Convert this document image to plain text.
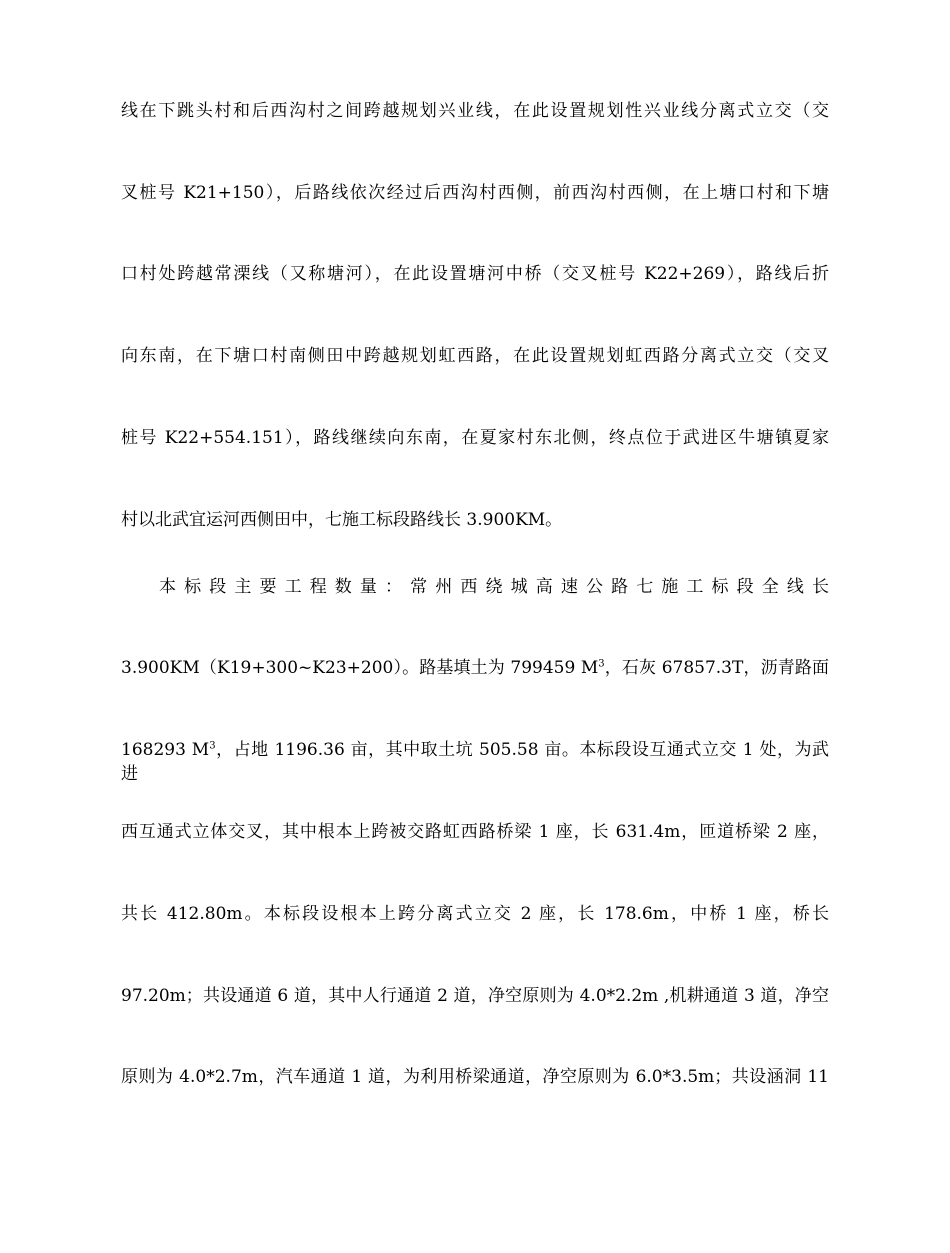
线在下跳头村和后西沟村之间跨越规划兴业线，在此设置规划性兴业线分离式立交（交
叉桩号 K21+150），后路线依次经过后西沟村西侧，前西沟村西侧，在上塘口村和下塘
口村处跨越常溧线（又称塘河），在此设置塘河中桥（交叉桩号 K22+269），路线后折
向东南，在下塘口村南侧田中跨越规划虹西路，在此设置规划虹西路分离式立交（交叉
桩号 K22+554.151），路线继续向东南，在夏家村东北侧，终点位于武进区牛塘镇夏家
村以北武宜运河西侧田中，七施工标段路线长 3.900KM。
本标段主要工程数量：常州西绕城高速公路七施工标段全线长
3.900KM（K19+300~K23+200）。路基填土为 799459 $M^3$，石灰 67857.3T，沥青路面
168293 $M^3$，占地 1196.36 亩，其中取土坑 505.58 亩。本标段设互通式立交 1 处，为武进
西互通式立体交叉，其中根本上跨被交路虹西路桥梁 1 座，长 631.4m，匝道桥梁 2 座，
共长 412.80m。本标段设根本上跨分离式立交 2 座，长 178.6m，中桥 1 座，桥长
97.20m；共设通道 6 道，其中人行通道 2 道，净空原则为 4.0*2.2m ,机耕通道 3 道，净空
原则为 4.0*2.7m，汽车通道 1 道，为利用桥梁通道，净空原则为 6.0*3.5m；共设涵洞 11
